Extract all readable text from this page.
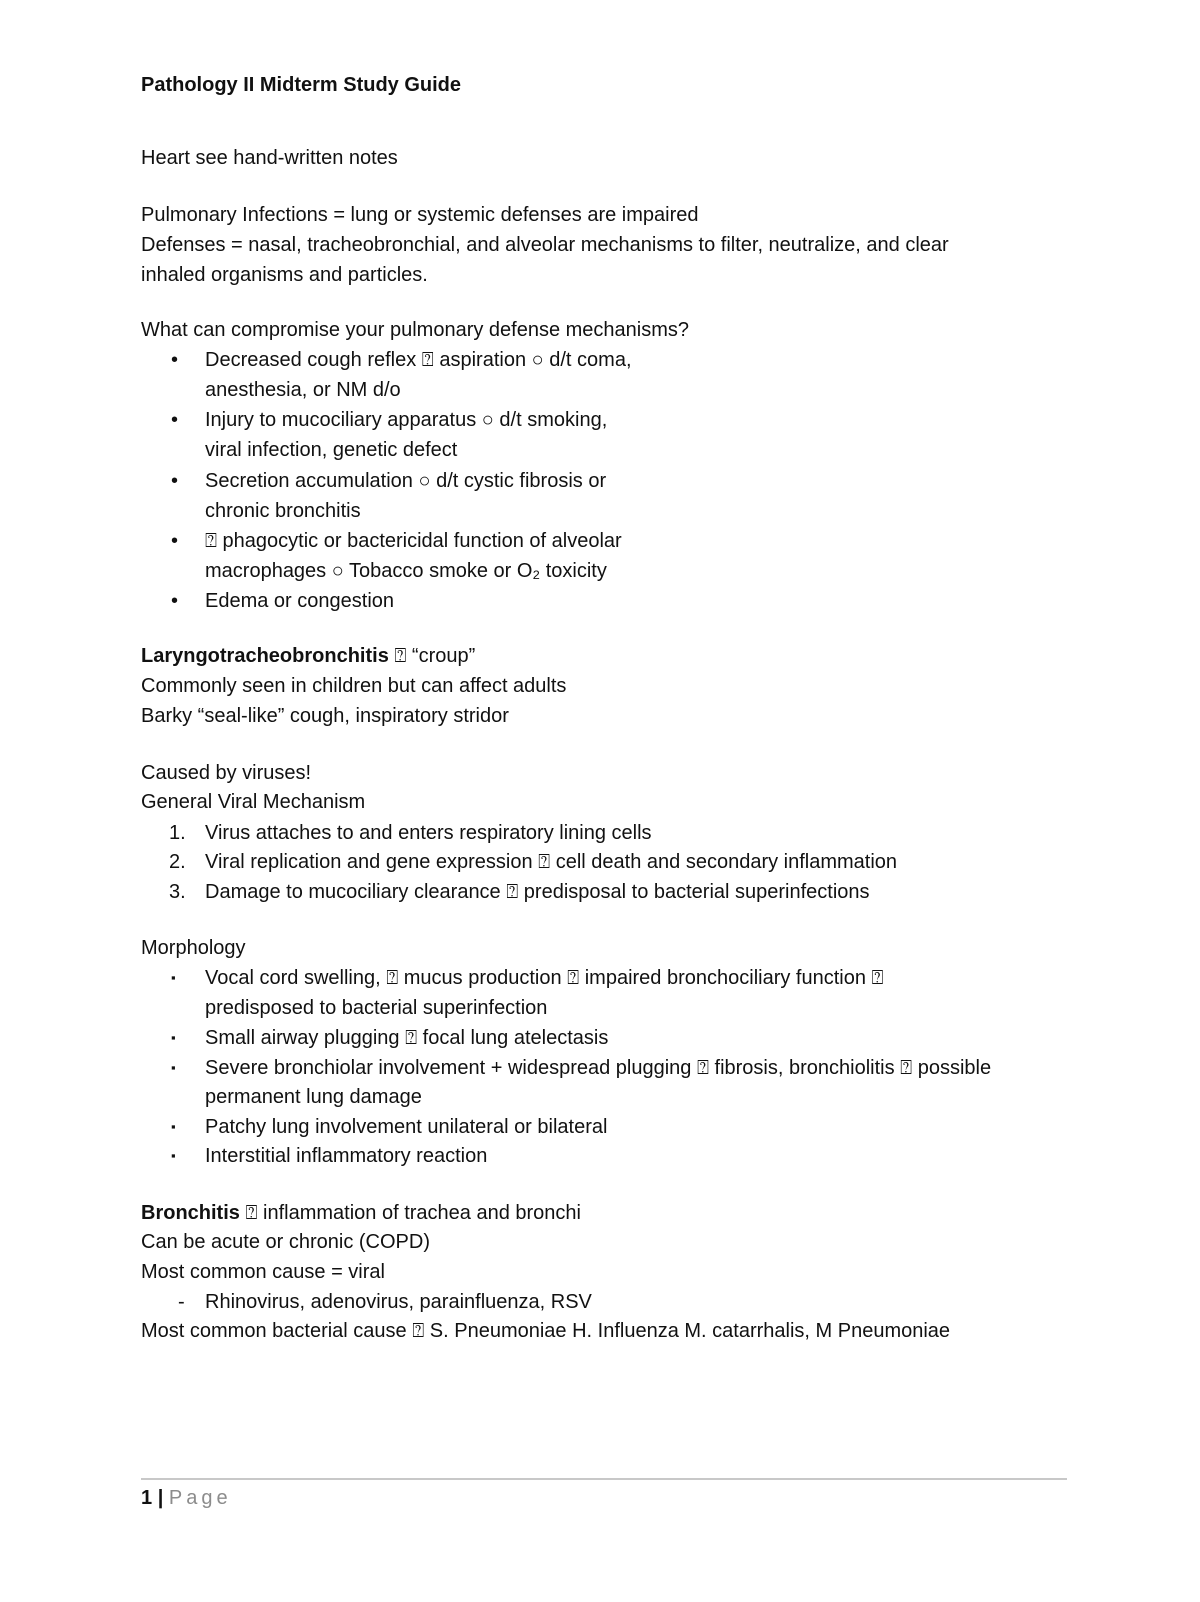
Pathology II Midterm Study Guide
Heart see hand-written notes
Pulmonary Infections = lung or systemic defenses are impaired
Defenses = nasal, tracheobronchial, and alveolar mechanisms to filter, neutralize, and clear
inhaled organisms and particles.
What can compromise your pulmonary defense mechanisms?
• Decreased cough reflex ⍰ aspiration ○ d/t coma,
anesthesia, or NM d/o
• Injury to mucociliary apparatus ○ d/t smoking,
viral infection, genetic defect
• Secretion accumulation ○ d/t cystic fibrosis or
chronic bronchitis
• ⍰ phagocytic or bactericidal function of alveolar
macrophages ○ Tobacco smoke or O₂ toxicity
• Edema or congestion
Laryngotracheobronchitis ⍰ “croup”
Commonly seen in children but can affect adults
Barky “seal-like” cough, inspiratory stridor
Caused by viruses!
General Viral Mechanism
1. Virus attaches to and enters respiratory lining cells
2. Viral replication and gene expression ⍰ cell death and secondary inflammation
3. Damage to mucociliary clearance ⍰ predisposal to bacterial superinfections
Morphology
▪ Vocal cord swelling, ⍰ mucus production ⍰ impaired bronchociliary function ⍰
predisposed to bacterial superinfection
▪ Small airway plugging ⍰ focal lung atelectasis
▪ Severe bronchiolar involvement + widespread plugging ⍰ fibrosis, bronchiolitis ⍰ possible
permanent lung damage
▪ Patchy lung involvement unilateral or bilateral
▪ Interstitial inflammatory reaction
Bronchitis ⍰ inflammation of trachea and bronchi
Can be acute or chronic (COPD)
Most common cause = viral
- Rhinovirus, adenovirus, parainfluenza, RSV
Most common bacterial cause ⍰ S. Pneumoniae H. Influenza M. catarrhalis, M Pneumoniae
1 | Page
